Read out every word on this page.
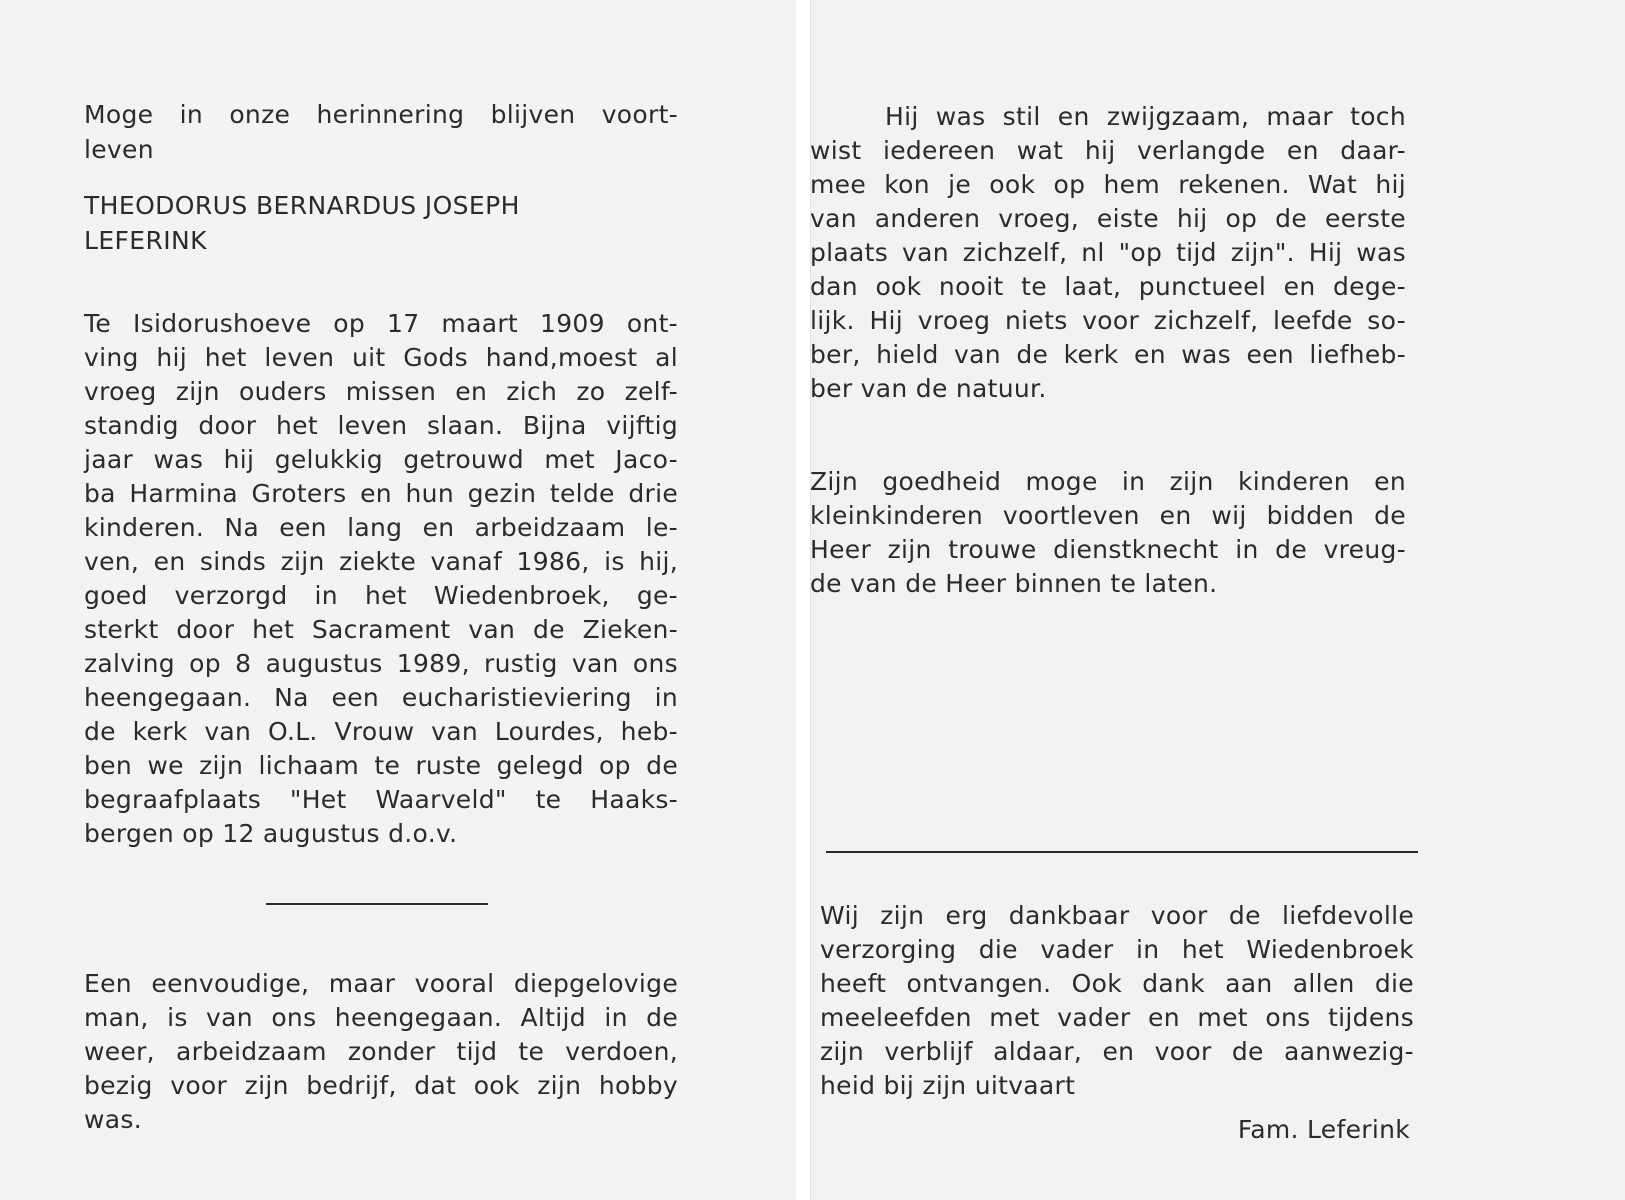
Moge in onze herinnering blijven voort-

leven

THEODORUS BERNARDUS JOSEPH

LEFERINK

Te Isidorushoeve op 17 maart 1909 ont-

ving hij het leven uit Gods hand,moest al

vroeg zijn ouders missen en zich zo zelf-

standig door het leven slaan. Bijna vijftig

jaar was hij gelukkig getrouwd met Jaco-

ba Harmina Groters en hun gezin telde drie

kinderen. Na een lang en arbeidzaam le-

ven, en sinds zijn ziekte vanaf 1986, is hij,

goed verzorgd in het Wiedenbroek, ge-

sterkt door het Sacrament van de Zieken-

zalving op 8 augustus 1989, rustig van ons

heengegaan. Na een eucharistieviering in

de kerk van O.L. Vrouw van Lourdes, heb-

ben we zijn lichaam te ruste gelegd op de

begraafplaats "Het Waarveld" te Haaks-

bergen op 12 augustus d.o.v.

Een eenvoudige, maar vooral diepgelovige

man, is van ons heengegaan. Altijd in de

weer, arbeidzaam zonder tijd te verdoen,

bezig voor zijn bedrijf, dat ook zijn hobby

was.

Hij was stil en zwijgzaam, maar toch

wist iedereen wat hij verlangde en daar-

mee kon je ook op hem rekenen. Wat hij

van anderen vroeg, eiste hij op de eerste

plaats van zichzelf, nl "op tijd zijn". Hij was

dan ook nooit te laat, punctueel en dege-

lijk. Hij vroeg niets voor zichzelf, leefde so-

ber, hield van de kerk en was een liefheb-

ber van de natuur.

Zijn goedheid moge in zijn kinderen en

kleinkinderen voortleven en wij bidden de

Heer zijn trouwe dienstknecht in de vreug-

de van de Heer binnen te laten.

Wij zijn erg dankbaar voor de liefdevolle

verzorging die vader in het Wiedenbroek

heeft ontvangen. Ook dank aan allen die

meeleefden met vader en met ons tijdens

zijn verblijf aldaar, en voor de aanwezig-

heid bij zijn uitvaart

Fam. Leferink
